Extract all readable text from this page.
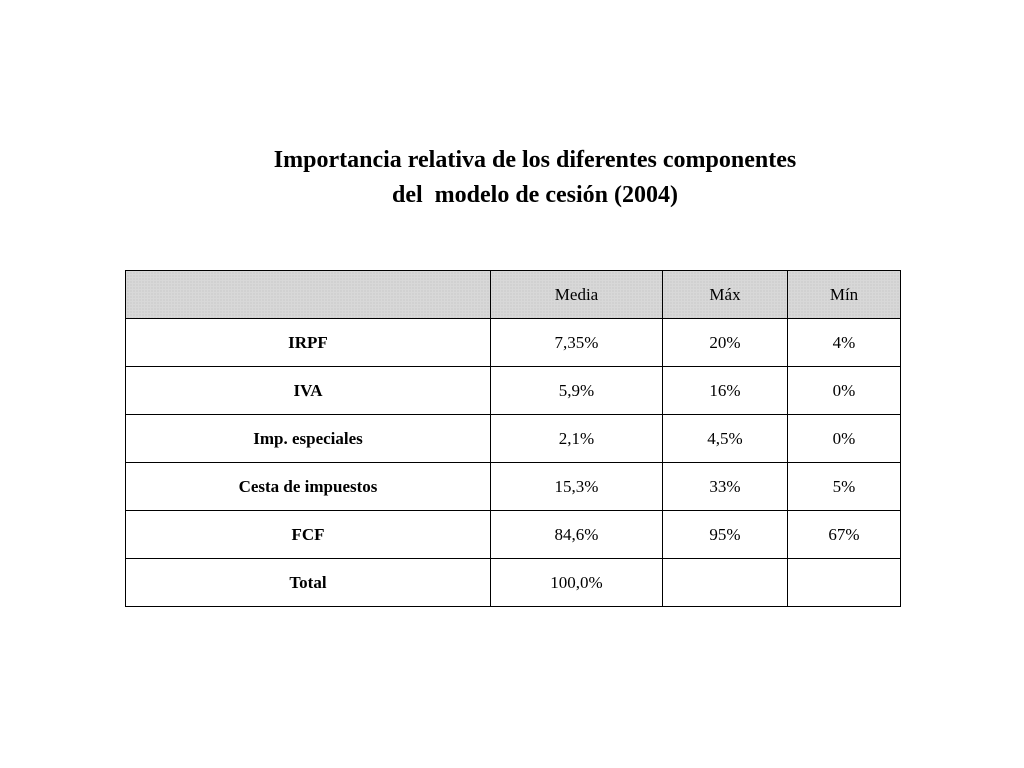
Importancia relativa de los diferentes componentes
del  modelo de cesión (2004)
	Media	Máx	Mín
IRPF	7,35%	20%	4%
IVA	5,9%	16%	0%
Imp. especiales	2,1%	4,5%	0%
Cesta de impuestos	15,3%	33%	5%
FCF	84,6%	95%	67%
Total	100,0%		
